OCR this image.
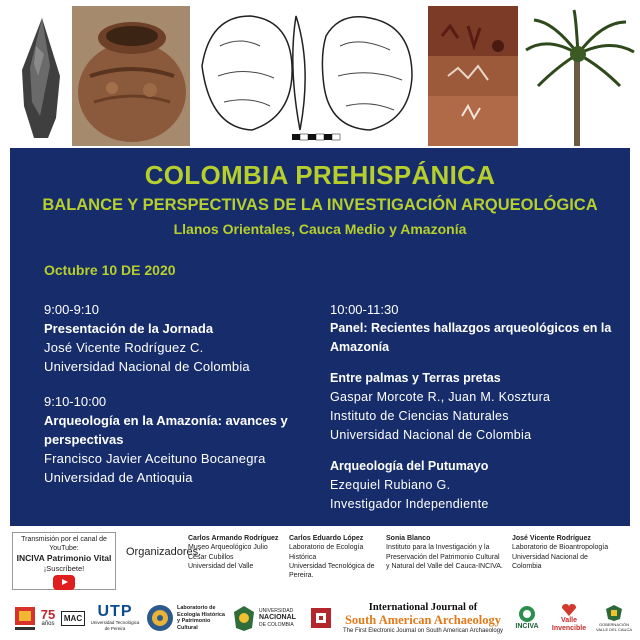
COLOMBIA PREHISPÁNICA
BALANCE Y PERSPECTIVAS DE LA INVESTIGACIÓN ARQUEOLÓGICA
Llanos Orientales, Cauca Medio y Amazonía
Octubre 10 DE 2020
9:00-9:10
Presentación de la Jornada
José Vicente Rodríguez C.
Universidad Nacional de Colombia
9:10-10:00
Arqueología en la Amazonía: avances y perspectivas
Francisco Javier Aceituno Bocanegra
Universidad de Antioquia
10:00-11:30
Panel: Recientes hallazgos arqueológicos en la Amazonía
Entre palmas y Terras pretas
Gaspar Morcote R., Juan M. Kosztura
Instituto de Ciencias Naturales
Universidad Nacional de Colombia
Arqueología del Putumayo
Ezequiel Rubiano G.
Investigador Independiente
Transmisión por el canal de YouTube:
INCIVA Patrimonio Vital
¡Suscríbete!
Organizadores:
Carlos Armando Rodríguez
Museo Arqueológico Julio
César Cubillos
Universidad del Valle
Carlos Eduardo López
Laboratorio de Ecología
Histórica
Universidad Tecnológica de
Pereira.
Sonia Blanco
Instituto para la Investigación y la
Preservación del Patrimonio Cultural
y Natural del Valle del Cauca-INCIVA.
José Vicente Rodríguez
Laboratorio de Bioantropología
Universidad Nacional de
Colombia
75
años
MAC UTP
Universidad Tecnológica de Pereira
Laboratorio de Ecología Histórica y Patrimonio Cultural
UNIVERSIDAD
NACIONAL
DE COLOMBIA
International Journal of
South American Archaeology
The First Electronic Journal on South American Archaeology
INCIVA
Valle
Invencible
GOBERNACIÓN VALLE DEL CAUCA
